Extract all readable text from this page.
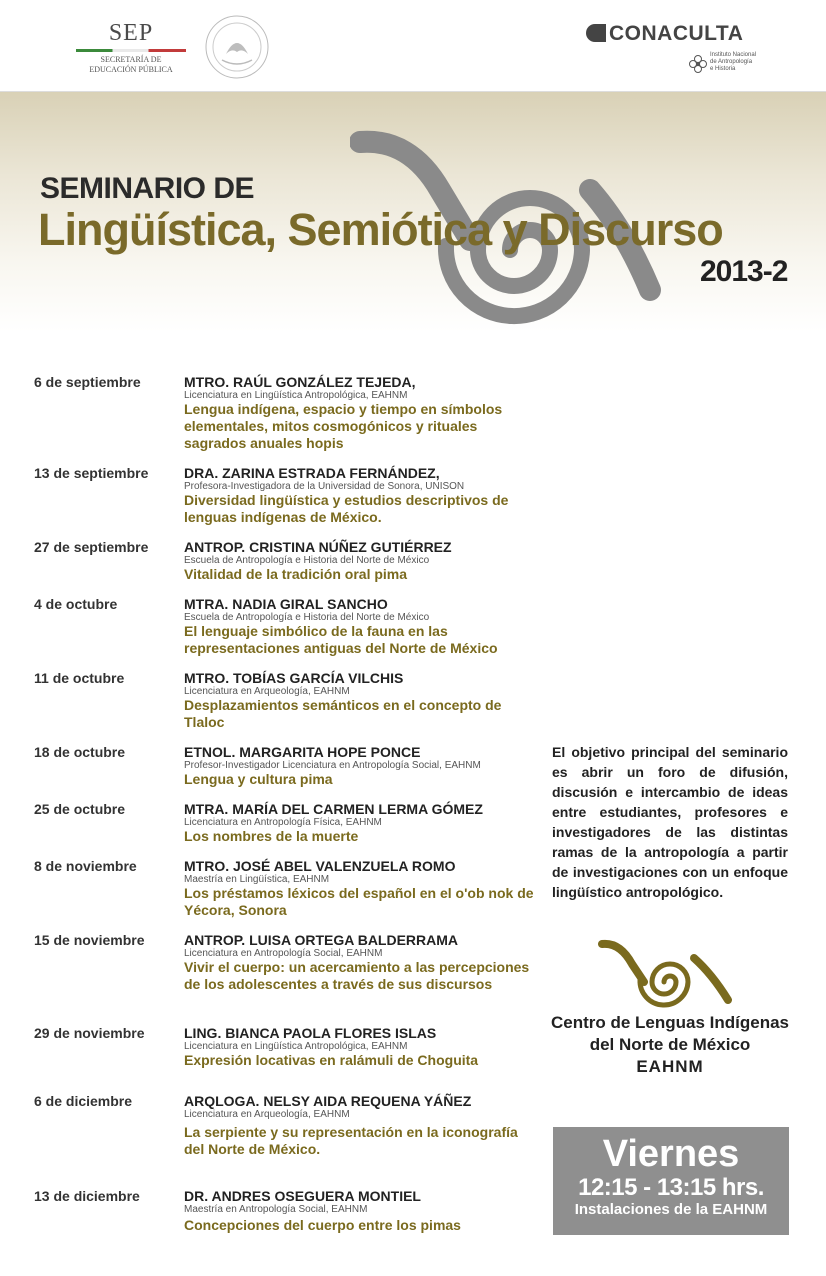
SEP
SECRETARÍA DE
EDUCACIÓN PÚBLICA
CONACULTA
Instituto Nacional
de Antropología
e Historia
SEMINARIO DE
Lingüística, Semiótica y Discurso
2013-2
6 de septiembre	MTRO. RAÚL GONZÁLEZ TEJEDA,
Licenciatura en Lingüística Antropológica, EAHNM
Lengua indígena, espacio y tiempo en símbolos elementales, mitos cosmogónicos y rituales sagrados anuales hopis
13 de septiembre	DRA. ZARINA ESTRADA FERNÁNDEZ,
Profesora-Investigadora de la Universidad de Sonora, UNISON
Diversidad lingüística y estudios descriptivos de lenguas indígenas de México.
27 de septiembre	ANTROP. CRISTINA NÚÑEZ GUTIÉRREZ
Escuela de Antropología e Historia del Norte de México
Vitalidad de la tradición oral pima
4 de octubre	MTRA. NADIA GIRAL SANCHO
Escuela de Antropología e Historia del Norte de México
El lenguaje simbólico de la fauna en las representaciones antiguas del Norte de México
11 de octubre	MTRO. TOBÍAS GARCÍA VILCHIS
Licenciatura en Arqueología, EAHNM
Desplazamientos semánticos en el concepto de Tlaloc
18 de octubre	ETNOL. MARGARITA HOPE PONCE
Profesor-Investigador Licenciatura en Antropología Social, EAHNM
Lengua y cultura pima
25 de octubre	MTRA. MARÍA DEL CARMEN LERMA GÓMEZ
Licenciatura en Antropología Física, EAHNM
Los nombres de la muerte
8 de noviembre	MTRO. JOSÉ ABEL VALENZUELA ROMO
Maestría en Lingüística, EAHNM
Los préstamos léxicos del español en el o'ob nok de Yécora, Sonora
15 de noviembre	ANTROP. LUISA ORTEGA BALDERRAMA
Licenciatura en Antropología Social, EAHNM
Vivir el cuerpo: un acercamiento a las percepciones de los adolescentes a través de sus discursos
29 de noviembre	LING. BIANCA PAOLA FLORES ISLAS
Licenciatura en Lingüística Antropológica, EAHNM
Expresión locativas en ralámuli de Choguita
6 de diciembre	ARQLOGA. NELSY AIDA REQUENA YÁÑEZ
Licenciatura en Arqueología, EAHNM
La serpiente y su representación en la iconografía del Norte de México.
13 de diciembre	DR. ANDRES OSEGUERA MONTIEL
Maestría en Antropología Social, EAHNM
Concepciones del cuerpo entre los pimas
El objetivo principal del seminario es abrir un foro de difusión, discusión e intercambio de ideas entre estudiantes, profesores e investigadores de las distintas ramas de la antropología a partir de investigaciones con un enfoque lingüístico antropológico.
Centro de Lenguas Indígenas
del Norte de México
EAHNM
Viernes
12:15 - 13:15 hrs.
Instalaciones de la EAHNM
